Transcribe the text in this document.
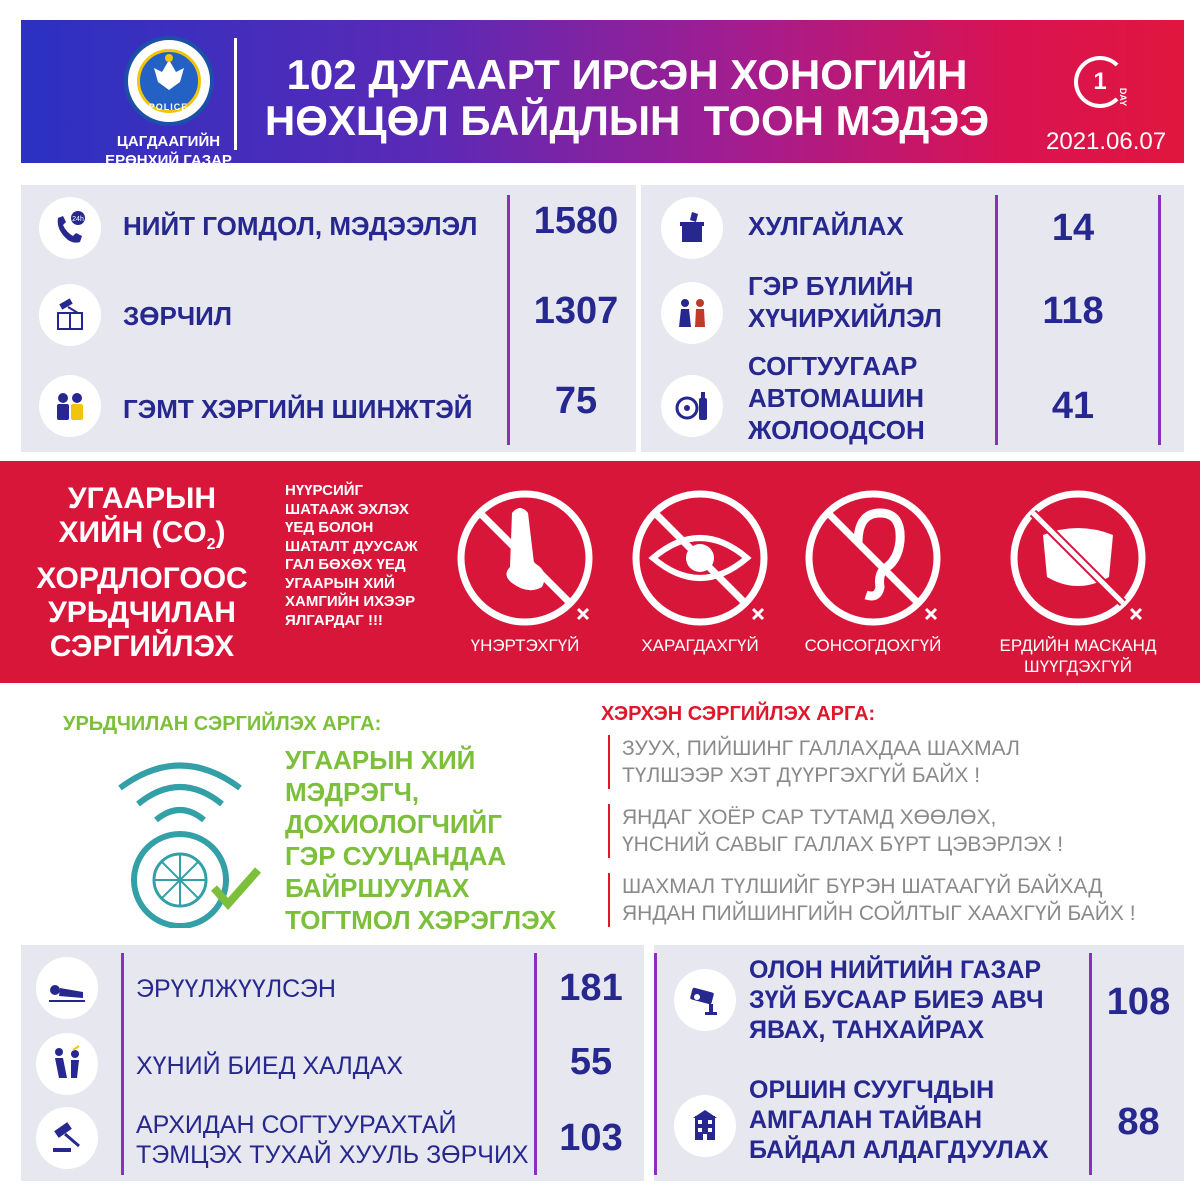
POLICE
ЦАГДААГИЙН
ЕРӨНХИЙ ГАЗАР
102 ДУГААРТ ИРСЭН ХОНОГИЙН
НӨХЦӨЛ БАЙДЛЫН  ТООН МЭДЭЭ
1
DAY
2021.06.07
24h НИЙТ ГОМДОЛ, МЭДЭЭЛЭЛ	1580
ЗӨРЧИЛ	1307
ГЭМТ ХЭРГИЙН ШИНЖТЭЙ	75
ХУЛГАЙЛАХ	14
ГЭР БҮЛИЙН
ХҮЧИРХИЙЛЭЛ	118
СОГТУУГААР
АВТОМАШИН
ЖОЛООДСОН
41
УГААРЫН
ХИЙН $(CO_2)$
ХОРДЛОГООС
УРЬДЧИЛАН
СЭРГИЙЛЭХ
НҮҮРСИЙГ
ШАТААЖ ЭХЛЭХ
ҮЕД БОЛОН
ШАТАЛТ ДУУСАЖ
ГАЛ БӨХӨХ ҮЕД
УГААРЫН ХИЙ
ХАМГИЙН ИХЭЭР
ЯЛГАРДАГ !!!
ҮНЭРТЭХГҮЙ	ХАРАГДАХГҮЙ	СОНСОГДОХГҮЙ	ЕРДИЙН МАСКАНД
ШҮҮГДЭХГҮЙ
УРЬДЧИЛАН СЭРГИЙЛЭХ АРГА:
УГААРЫН ХИЙ
МЭДРЭГЧ,
ДОХИОЛОГЧИЙГ
ГЭР СУУЦАНДАА
БАЙРШУУЛАХ
ТОГТМОЛ ХЭРЭГЛЭХ
ХЭРХЭН СЭРГИЙЛЭХ АРГА:
ЗУУХ, ПИЙШИНГ ГАЛЛАХДАА ШАХМАЛ
ТҮЛШЭЭР ХЭТ ДҮҮРГЭХГҮЙ БАЙХ !
ЯНДАГ ХОЁР САР ТУТАМД ХӨӨЛӨХ,
ҮНСНИЙ САВЫГ ГАЛЛАХ БҮРТ ЦЭВЭРЛЭХ !
ШАХМАЛ ТҮЛШИЙГ БҮРЭН ШАТААГҮЙ БАЙХАД
ЯНДАН ПИЙШИНГИЙН СОЙЛТЫГ ХААХГҮЙ БАЙХ !
ЭРҮҮЛЖҮҮЛСЭН	181
ХҮНИЙ БИЕД ХАЛДАХ	55
АРХИДАН СОГТУУРАХТАЙ
ТЭМЦЭХ ТУХАЙ ХУУЛЬ ЗӨРЧИХ 103
ОЛОН НИЙТИЙН ГАЗАР
ЗҮЙ БУСААР БИЕЭ АВЧ
ЯВАХ, ТАНХАЙРАХ
108
ОРШИН СУУГЧДЫН
АМГАЛАН ТАЙВАН
БАЙДАЛ АЛДАГДУУЛАХ
88
